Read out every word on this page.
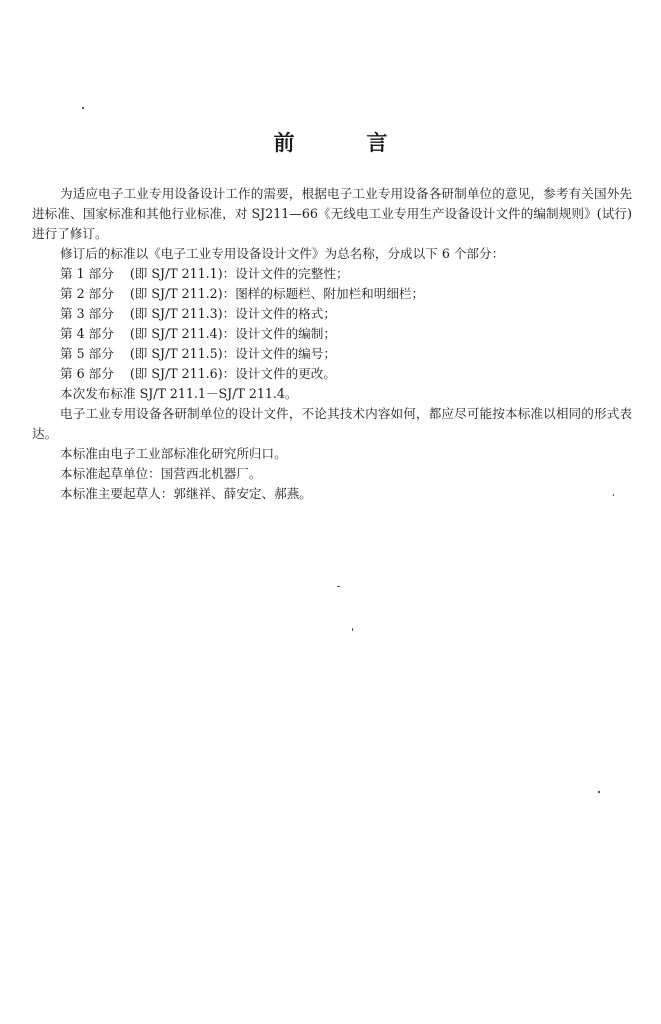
前言

为适应电子工业专用设备设计工作的需要，根据电子工业专用设备各研制单位的意见，参考有关国外先进标准、国家标准和其他行业标准，对 SJ211—66《无线电工业专用生产设备设计文件的编制规则》(试行)进行了修订。

修订后的标准以《电子工业专用设备设计文件》为总名称，分成以下 6 个部分：

第 1 部分 (即 SJ/T 211.1)：设计文件的完整性；

第 2 部分 (即 SJ/T 211.2)：图样的标题栏、附加栏和明细栏；

第 3 部分 (即 SJ/T 211.3)：设计文件的格式；

第 4 部分 (即 SJ/T 211.4)：设计文件的编制；

第 5 部分 (即 SJ/T 211.5)：设计文件的编号；

第 6 部分 (即 SJ/T 211.6)：设计文件的更改。

本次发布标准 SJ/T 211.1－SJ/T 211.4。

电子工业专用设备各研制单位的设计文件，不论其技术内容如何，都应尽可能按本标准以相同的形式表达。

本标准由电子工业部标准化研究所归口。

本标准起草单位：国营西北机器厂。

本标准主要起草人：郭继祥、薛安定、郝燕。
